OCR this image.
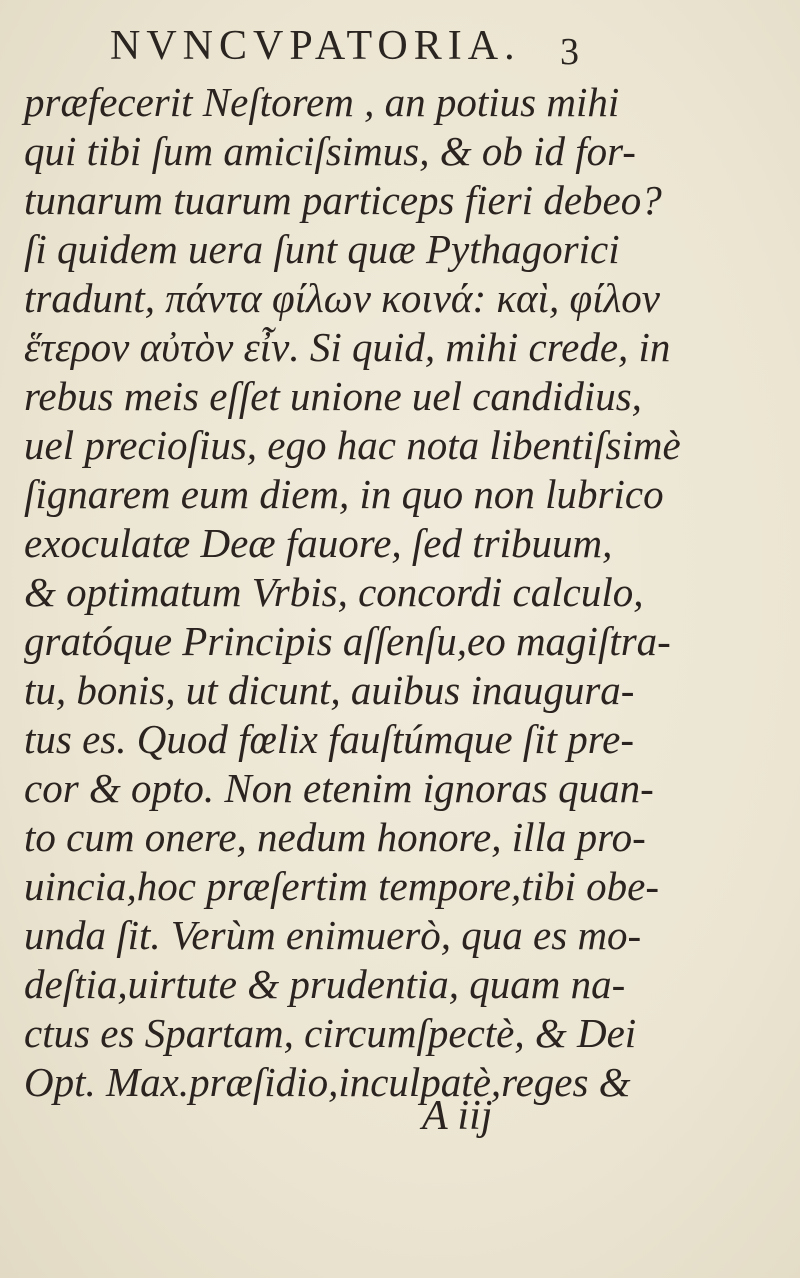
NVNCVPATORIA. 3
præfecerit Neſtorem , an potius mihi
qui tibi ſum amiciſsimus, & ob id for-
tunarum tuarum particeps fieri debeo?
ſi quidem uera ſunt quæ Pythagorici
tradunt, πάντα φίλων κοινά: καὶ, φίλον
ἕτερον αὐτὸν εἶν. Si quid, mihi crede, in
rebus meis eſſet unione uel candidius,
uel precioſius, ego hac nota libentiſsimè
ſignarem eum diem, in quo non lubrico
exoculatæ Deæ fauore, ſed tribuum,
& optimatum Vrbis, concordi calculo,
gratóque Principis aſſenſu,eo magiſtra-
tu, bonis, ut dicunt, auibus inaugura-
tus es. Quod fœlix fauſtúmque ſit pre-
cor & opto. Non etenim ignoras quan-
to cum onere, nedum honore, illa pro-
uincia,hoc præſertim tempore,tibi obe-
unda ſit. Verùm enimuerò, qua es mo-
deſtia,uirtute & prudentia, quam na-
ctus es Spartam, circumſpectè, & Dei
Opt. Max.præſidio,inculpatè,reges &
A iij
